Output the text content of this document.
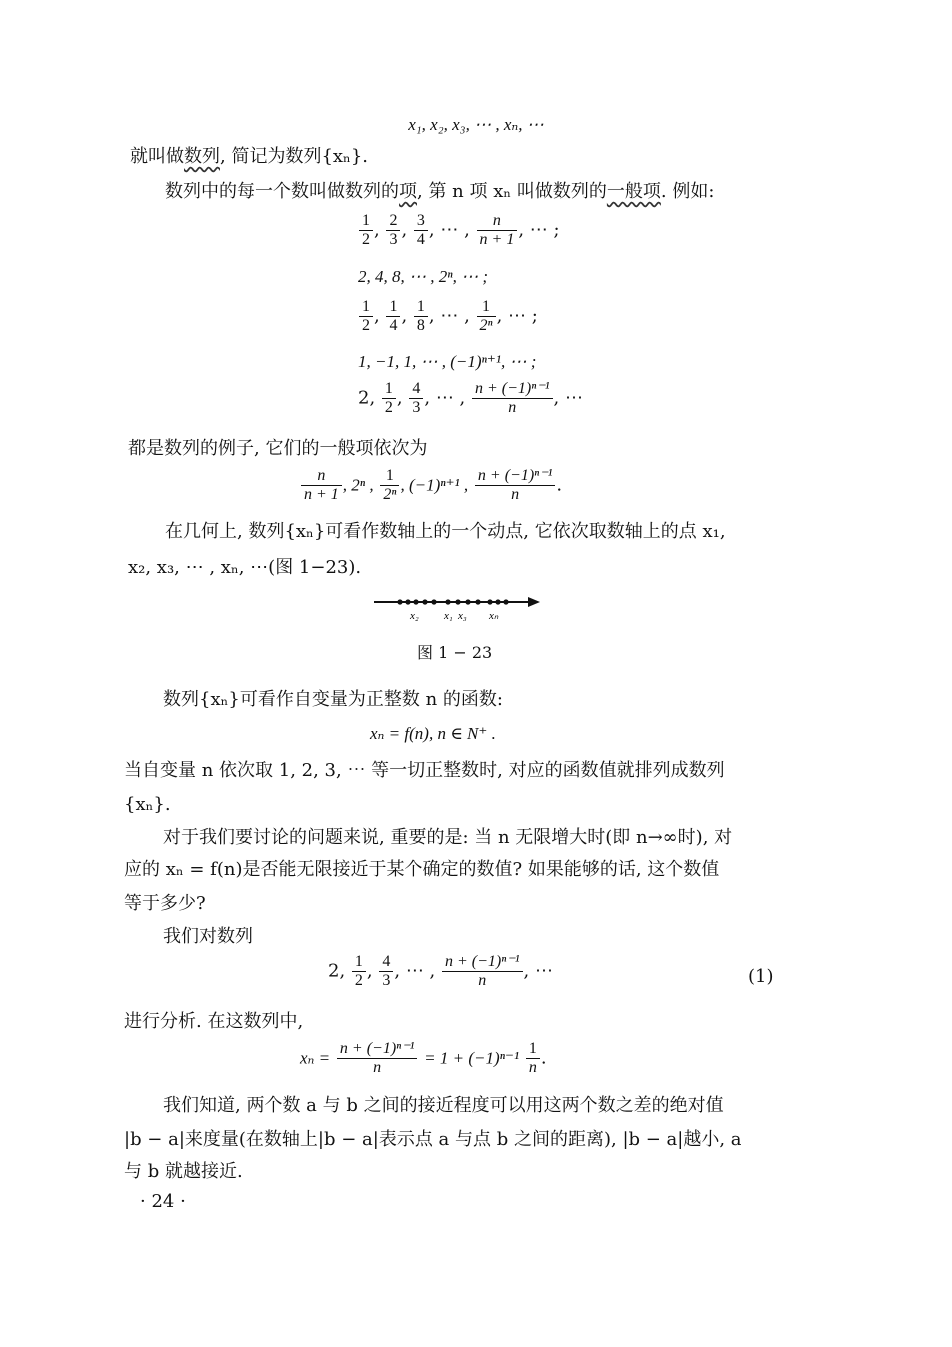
x₁, x₂, x₃, ⋯ , xₙ, ⋯
就叫做数列, 简记为数列{xₙ}.
数列中的每一个数叫做数列的项, 第 n 项 xₙ 叫做数列的一般项. 例如:
$\frac{1}{2}$ , $\frac{2}{3}$ , $\frac{3}{4}$ , ⋯ , $\frac{n}{n + 1}$ , ⋯ ;
2, 4, 8, ⋯ , 2ⁿ, ⋯ ;
$\frac{1}{2}$ , $\frac{1}{4}$ , $\frac{1}{8}$ , ⋯ , $\frac{1}{\text{2ⁿ}}$ , ⋯ ;
1, −1, 1, ⋯ , (−1)ⁿ⁺¹, ⋯ ;
2, $\frac{1}{2}$ , $\frac{4}{3}$ , ⋯ , $\frac{\text{n + (−1)ⁿ⁻¹}}{n}$ , ⋯
都是数列的例子, 它们的一般项依次为
$\frac{n}{n + 1}$ , 2ⁿ , $\frac{1}{\text{2ⁿ}}$ , (−1)ⁿ⁺¹ , $\frac{\text{n + (−1)ⁿ⁻¹}}{n}$ .
在几何上, 数列{xₙ}可看作数轴上的一个动点, 它依次取数轴上的点 x₁,
x₂, x₃, ⋯ , xₙ, ⋯(图 1−23).
x₂ x₁ x₃ xₙ
图 1 − 23
数列{xₙ}可看作自变量为正整数 n 的函数:
xₙ = f(n), n ∈ N⁺ .
当自变量 n 依次取 1, 2, 3, ⋯ 等一切正整数时, 对应的函数值就排列成数列
{xₙ}.
对于我们要讨论的问题来说, 重要的是: 当 n 无限增大时(即 n→∞时), 对
应的 xₙ = f(n)是否能无限接近于某个确定的数值? 如果能够的话, 这个数值
等于多少?
我们对数列
2, $\frac{1}{2}$ , $\frac{4}{3}$ , ⋯ , $\frac{\text{n + (−1)ⁿ⁻¹}}{n}$ , ⋯	(1)
进行分析. 在这数列中,
$x_n = \frac{\text{n + (−1)ⁿ⁻¹}}{n} = 1 + (-1)^{n-1} \frac{1}{n}$ .
我们知道, 两个数 a 与 b 之间的接近程度可以用这两个数之差的绝对值
|b − a|来度量(在数轴上|b − a|表示点 a 与点 b 之间的距离), |b − a|越小, a
与 b 就越接近.
· 24 ·
